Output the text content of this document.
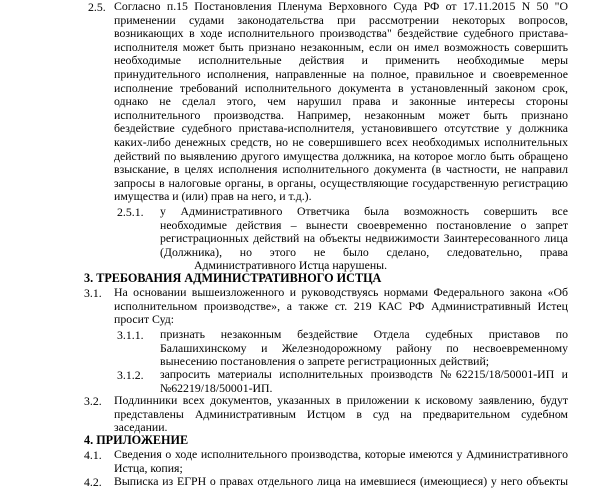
2.5. Согласно п.15 Постановления Пленума Верховного Суда РФ от 17.11.2015 N 50 "О
применении судами законодательства при рассмотрении некоторых вопросов,
возникающих в ходе исполнительного производства" бездействие судебного пристава-
исполнителя может быть признано незаконным, если он имел возможность совершить
необходимые исполнительные действия и применить необходимые меры
принудительного исполнения, направленные на полное, правильное и своевременное
исполнение требований исполнительного документа в установленный законом срок,
однако не сделал этого, чем нарушил права и законные интересы стороны
исполнительного производства. Например, незаконным может быть признано
бездействие судебного пристава-исполнителя, установившего отсутствие у должника
каких-либо денежных средств, но не совершившего всех необходимых исполнительных
действий по выявлению другого имущества должника, на которое могло быть обращено
взыскание, в целях исполнения исполнительного документа (в частности, не направил
запросы в налоговые органы, в органы, осуществляющие государственную регистрацию
имущества и (или) прав на него, и т.д.).
2.5.1. у Административного Ответчика была возможность совершить все
необходимые действия – вынести своевременно постановление о запрет
регистрационных действий на объекты недвижимости Заинтересованного лица
(Должника), но этого не было сделано, следовательно, права
Административного Истца нарушены.
3. ТРЕБОВАНИЯ АДМИНИСТРАТИВНОГО ИСТЦА
3.1. На основании вышеизложенного и руководствуясь нормами Федерального закона «Об
исполнительном производстве», а также ст. 219 КАС РФ Административный Истец
просит Суд:
3.1.1. признать незаконным бездействие Отдела судебных приставов по
Балашихинскому и Железнодорожному району по несвоевременному
вынесению постановления о запрете регистрационных действий;
3.1.2. запросить материалы исполнительных производств №62215/18/50001-ИП и
№62219/18/50001-ИП.
3.2. Подлинники всех документов, указанных в приложении к исковому заявлению, будут
представлены Административным Истцом в суд на предварительном судебном
заседании.
4. ПРИЛОЖЕНИЕ
4.1. Сведения о ходе исполнительного производства, которые имеются у Административного
Истца, копия;
4.2. Выписка из ЕГРН о правах отдельного лица на имевшиеся (имеющиеся) у него объекты
